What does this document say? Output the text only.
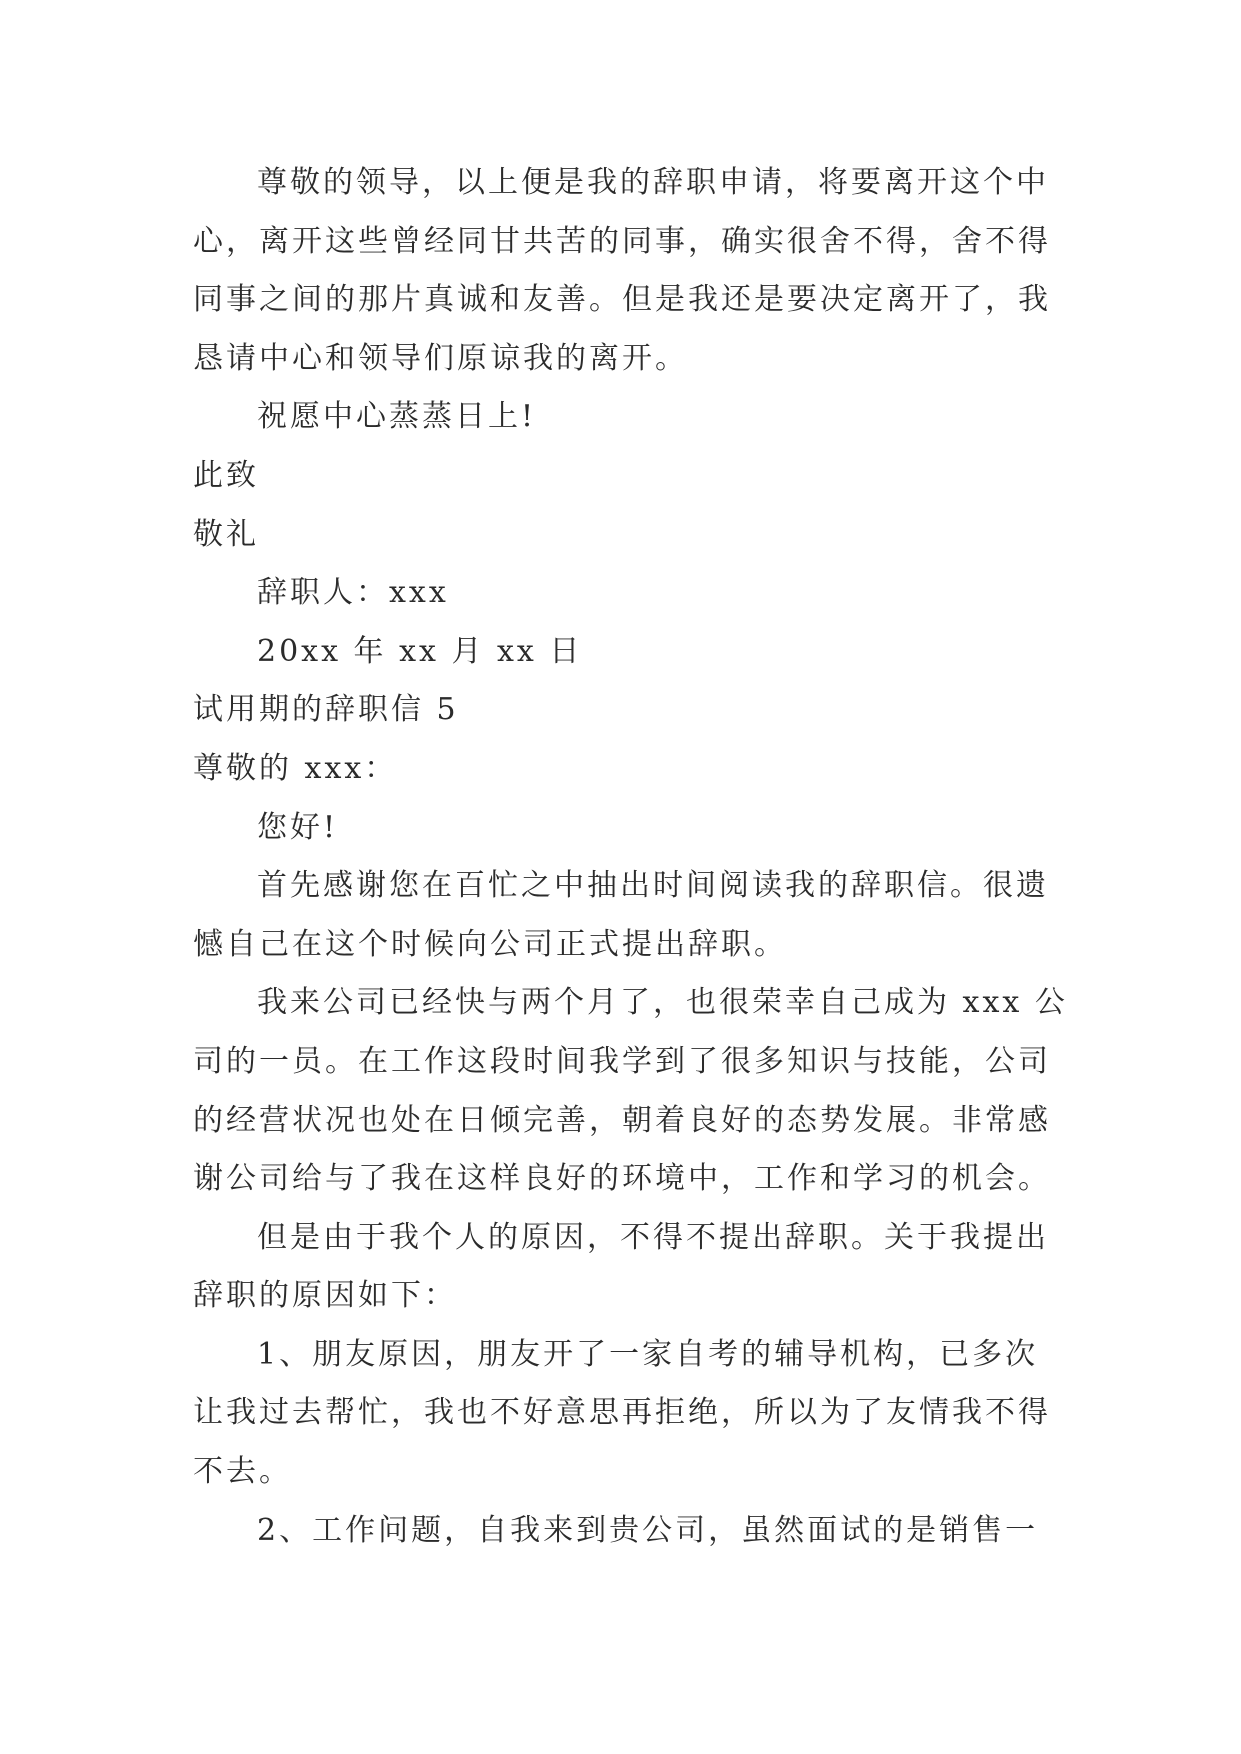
尊敬的领导，以上便是我的辞职申请，将要离开这个中
心，离开这些曾经同甘共苦的同事，确实很舍不得，舍不得
同事之间的那片真诚和友善。但是我还是要决定离开了，我
恳请中心和领导们原谅我的离开。
祝愿中心蒸蒸日上!
此致
敬礼
辞职人：xxx
20xx 年 xx 月 xx 日
试用期的辞职信 5
尊敬的 xxx：
您好!
首先感谢您在百忙之中抽出时间阅读我的辞职信。很遗
憾自己在这个时候向公司正式提出辞职。
我来公司已经快与两个月了，也很荣幸自己成为 xxx 公
司的一员。在工作这段时间我学到了很多知识与技能，公司
的经营状况也处在日倾完善，朝着良好的态势发展。非常感
谢公司给与了我在这样良好的环境中，工作和学习的机会。
但是由于我个人的原因，不得不提出辞职。关于我提出
辞职的原因如下：
1、朋友原因，朋友开了一家自考的辅导机构，已多次
让我过去帮忙，我也不好意思再拒绝，所以为了友情我不得
不去。
2、工作问题，自我来到贵公司，虽然面试的是销售一
